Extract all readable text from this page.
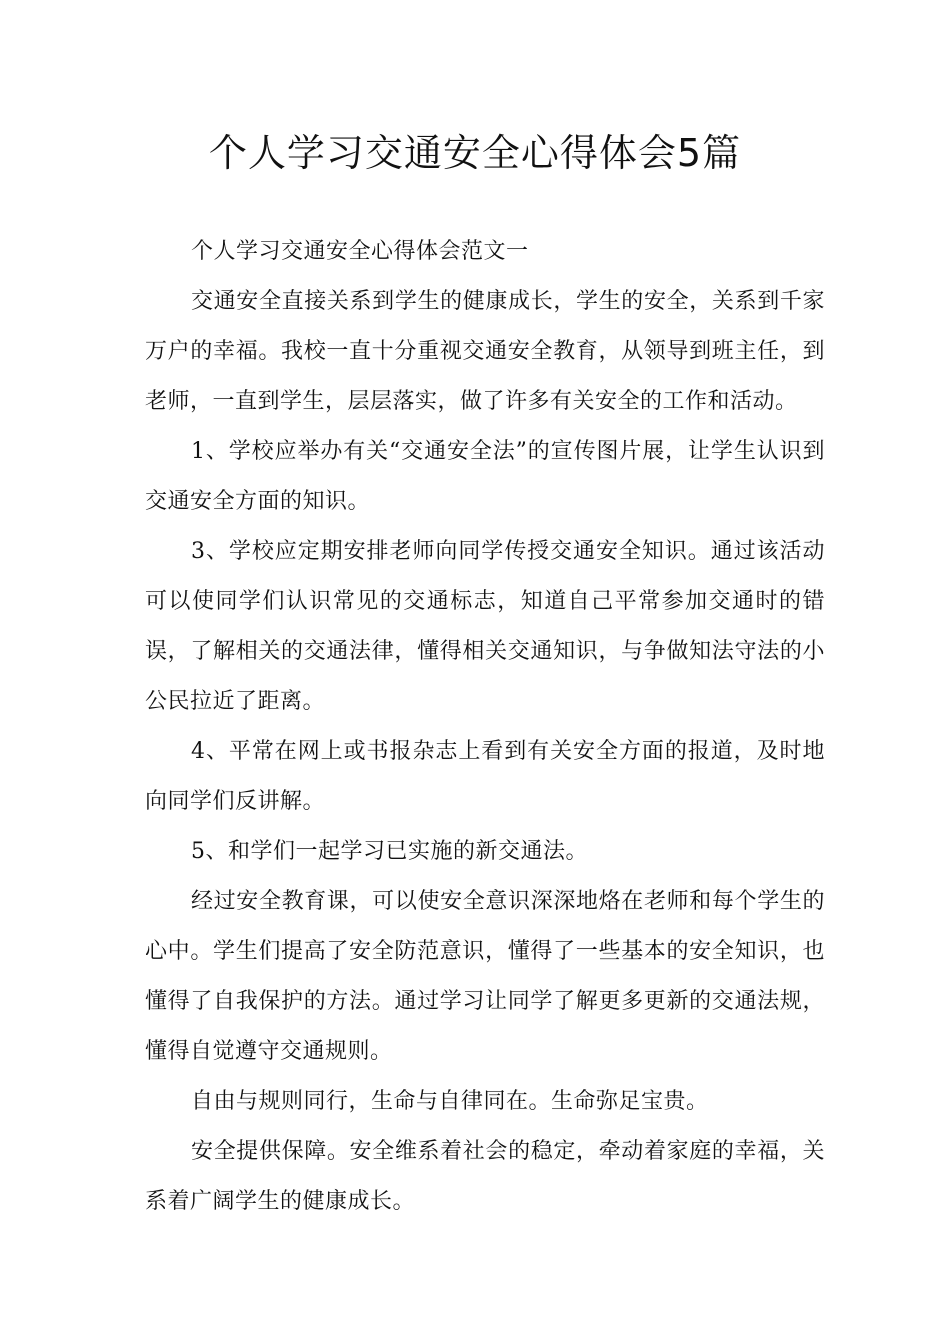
个人学习交通安全心得体会5篇

个人学习交通安全心得体会范文一

交通安全直接关系到学生的健康成长，学生的安全，关系到千家万户的幸福。我校一直十分重视交通安全教育，从领导到班主任，到老师，一直到学生，层层落实，做了许多有关安全的工作和活动。

1、学校应举办有关“交通安全法”的宣传图片展，让学生认识到交通安全方面的知识。

3、学校应定期安排老师向同学传授交通安全知识。通过该活动可以使同学们认识常见的交通标志，知道自己平常参加交通时的错误，了解相关的交通法律，懂得相关交通知识，与争做知法守法的小公民拉近了距离。

4、平常在网上或书报杂志上看到有关安全方面的报道，及时地向同学们反讲解。

5、和学们一起学习已实施的新交通法。

经过安全教育课，可以使安全意识深深地烙在老师和每个学生的心中。学生们提高了安全防范意识，懂得了一些基本的安全知识，也懂得了自我保护的方法。通过学习让同学了解更多更新的交通法规，懂得自觉遵守交通规则。

自由与规则同行，生命与自律同在。生命弥足宝贵。

安全提供保障。安全维系着社会的稳定，牵动着家庭的幸福，关系着广阔学生的健康成长。
